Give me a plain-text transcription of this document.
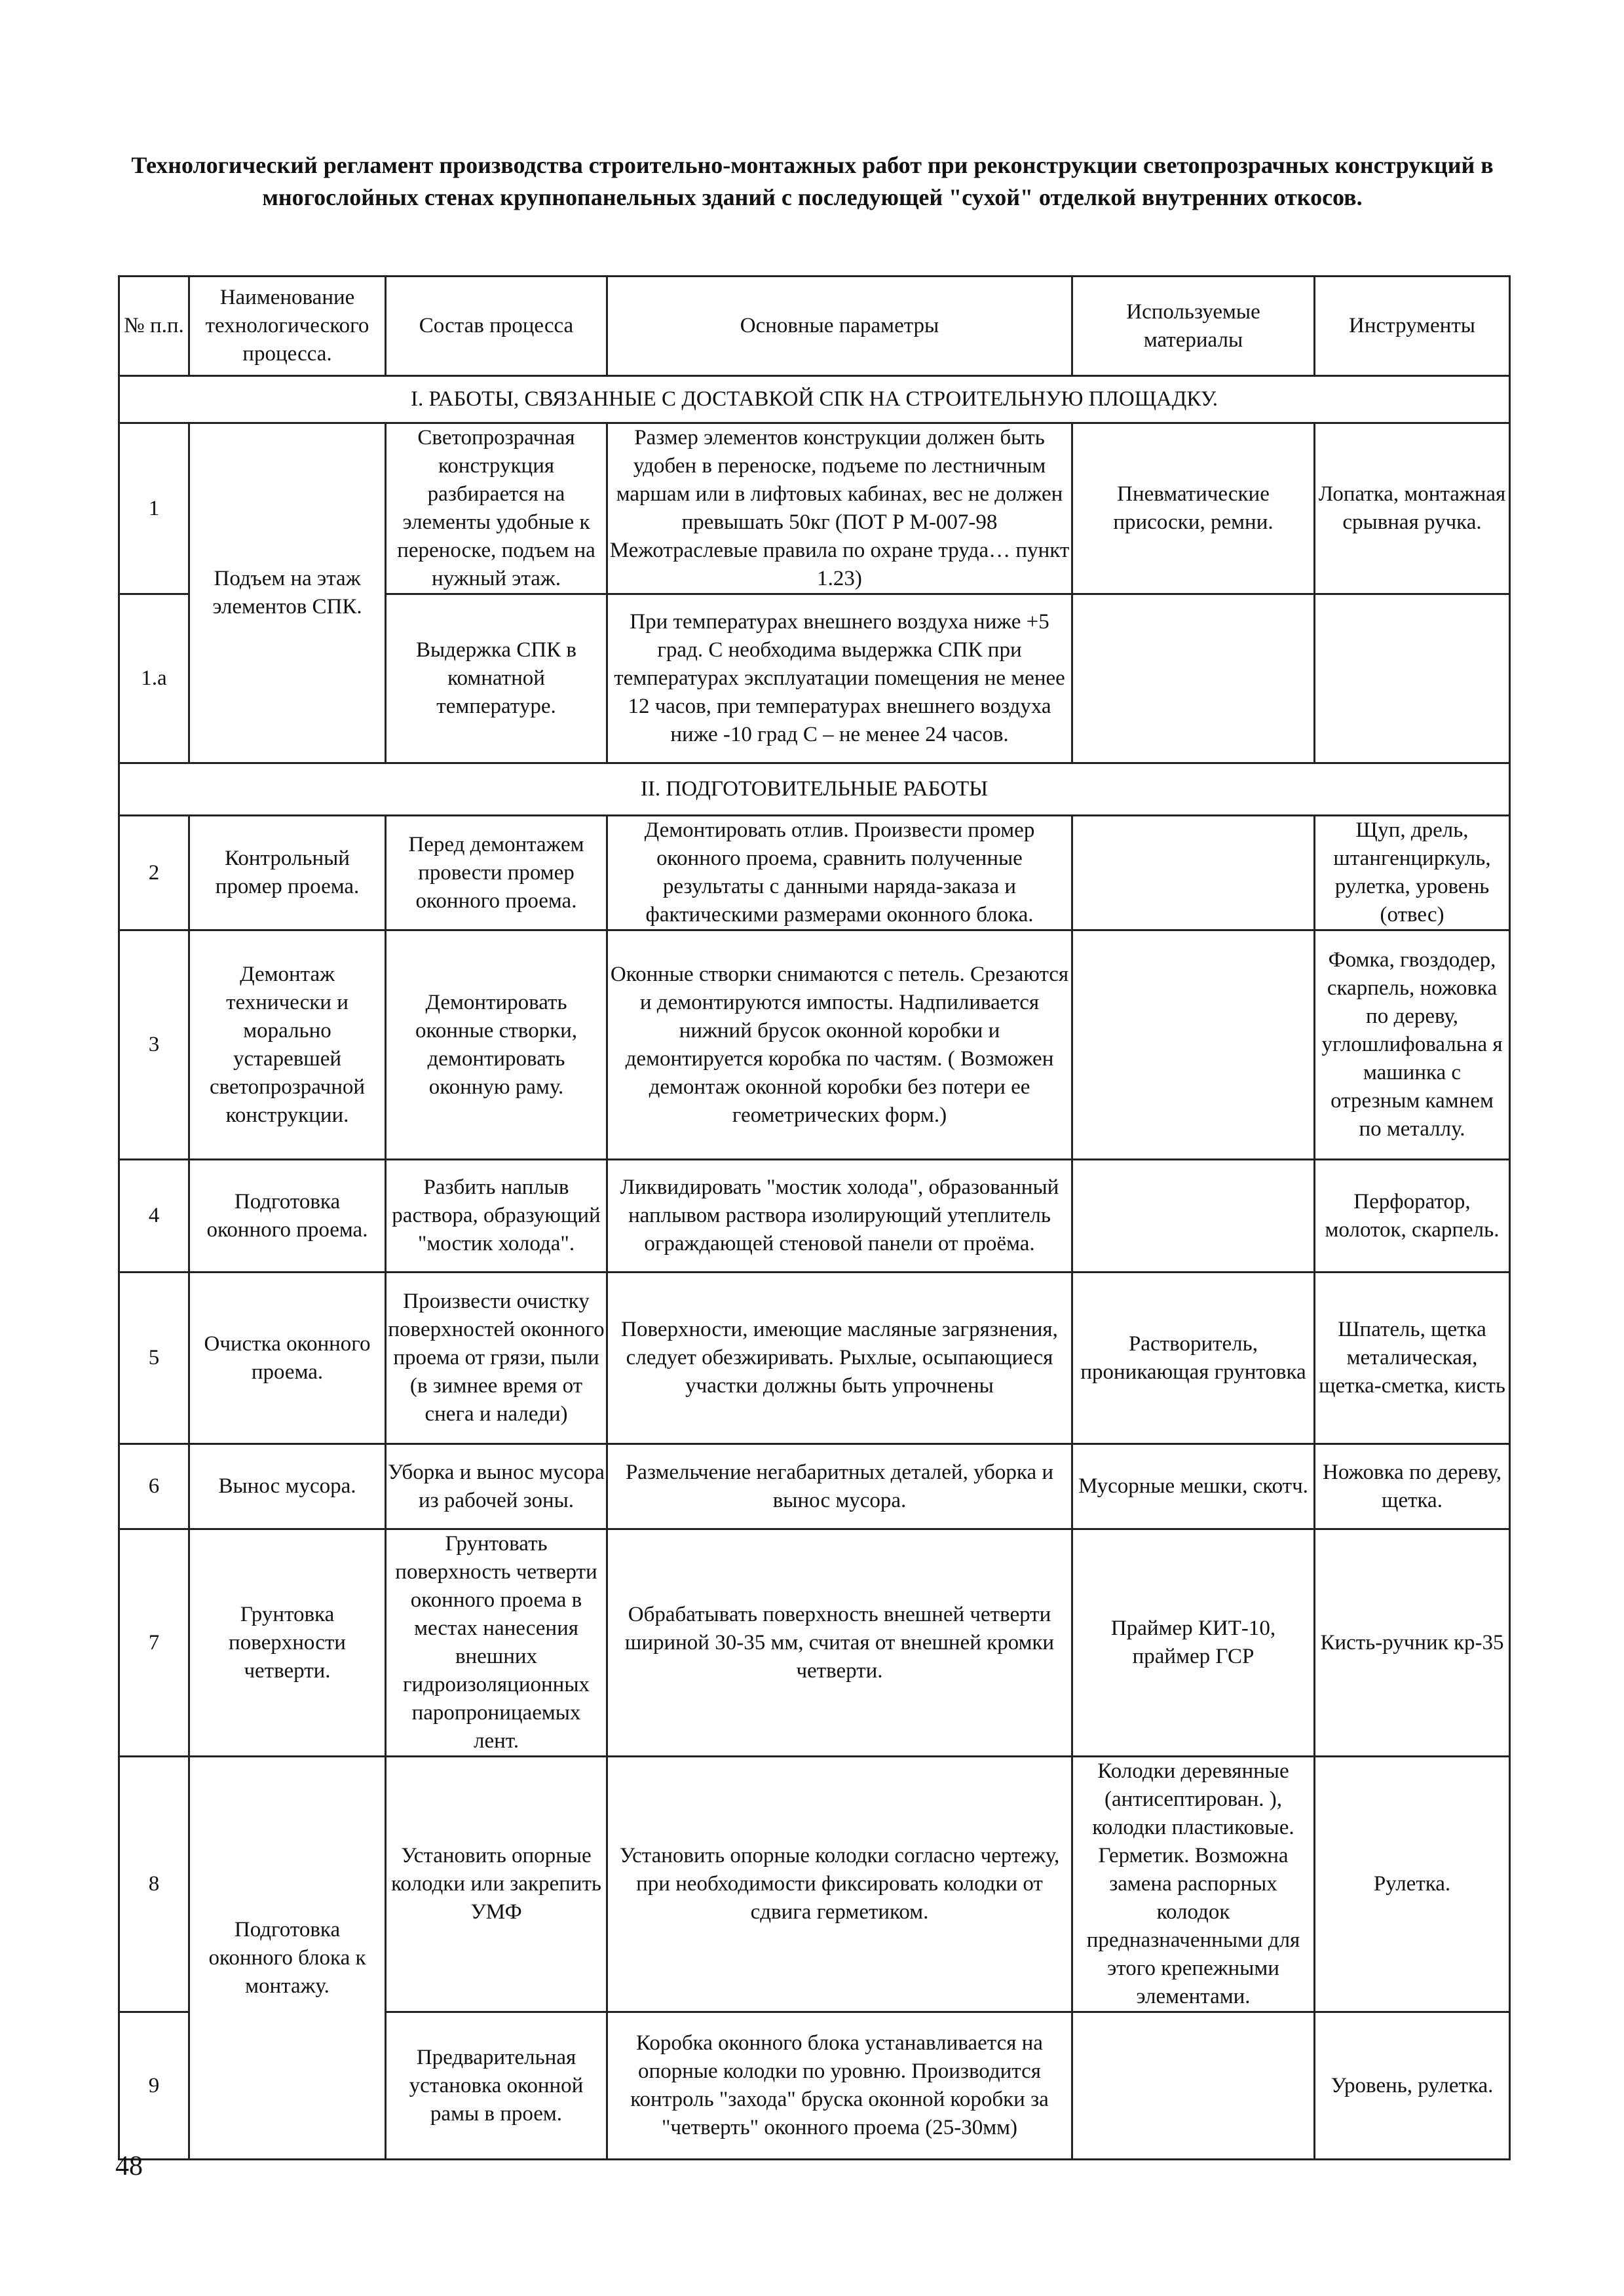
Технологический регламент производства строительно-монтажных работ при реконструкции светопрозрачных конструкций в многослойных стенах крупнопанельных зданий с последующей "сухой" отделкой внутренних откосов.
№ п.п.	Наименование технологического процесса.	Состав процесса	Основные параметры	Используемые материалы	Инструменты
I. РАБОТЫ, СВЯЗАННЫЕ С ДОСТАВКОЙ СПК НА СТРОИТЕЛЬНУЮ ПЛОЩАДКУ.					
1	Подъем на этаж элементов СПК.	Светопрозрачная конструкция разбирается на элементы удобные к переноске, подъем на нужный этаж.	Размер элементов конструкции должен быть удобен в переноске, подъеме по лестничным маршам или в лифтовых кабинах, вес не должен превышать 50кг (ПОТ Р М-007-98 Межотраслевые правила по охране труда… пункт 1.23)	Пневматические присоски, ремни.	Лопатка, монтажная срывная ручка.
1.а		Выдержка СПК в комнатной температуре.	При температурах внешнего воздуха ниже +5 град. С необходима выдержка СПК при температурах эксплуатации помещения не менее 12 часов, при температурах внешнего воздуха ниже -10 град С – не менее 24 часов.		
II. ПОДГОТОВИТЕЛЬНЫЕ РАБОТЫ					
2	Контрольный промер проема.	Перед демонтажем провести промер оконного проема.	Демонтировать отлив. Произвести промер оконного проема, сравнить полученные результаты с данными наряда-заказа и фактическими размерами оконного блока.		Щуп, дрель, штангенциркуль, рулетка, уровень (отвес)
3	Демонтаж технически и морально устаревшей светопрозрачной конструкции.	Демонтировать оконные створки, демонтировать оконную раму.	Оконные створки снимаются с петель. Срезаются и демонтируются импосты. Надпиливается нижний брусок оконной коробки и демонтируется коробка по частям. ( Возможен демонтаж оконной коробки без потери ее геометрических форм.)		Фомка, гвоздодер, скарпель, ножовка по дереву, углошлифовальна я машинка с отрезным камнем по металлу.
4	Подготовка оконного проема.	Разбить наплыв раствора, образующий "мостик холода".	Ликвидировать "мостик холода", образованный наплывом раствора изолирующий утеплитель ограждающей стеновой панели от проёма.		Перфоратор, молоток, скарпель.
5	Очистка оконного проема.	Произвести очистку поверхностей оконного проема от грязи, пыли (в зимнее время от снега и наледи)	Поверхности, имеющие масляные загрязнения, следует обезжиривать. Рыхлые, осыпающиеся участки должны быть упрочнены	Растворитель, проникающая грунтовка	Шпатель, щетка металическая, щетка-сметка, кисть
6	Вынос мусора.	Уборка и вынос мусора из рабочей зоны.	Размельчение негабаритных деталей, уборка и вынос мусора.	Мусорные мешки, скотч.	Ножовка по дереву, щетка.
7	Грунтовка поверхности четверти.	Грунтовать поверхность четверти оконного проема в местах нанесения внешних гидроизоляционных паропроницаемых лент.	Обрабатывать поверхность внешней четверти шириной 30-35 мм, считая от внешней кромки четверти.	Праймер КИТ-10, праймер ГСР	Кисть-ручник кр-35
8	Подготовка оконного блока к монтажу.	Установить опорные колодки или закрепить УМФ	Установить опорные колодки согласно чертежу, при необходимости фиксировать колодки от сдвига герметиком.	Колодки деревянные (антисептирован. ), колодки пластиковые. Герметик. Возможна замена распорных колодок предназначенными для этого крепежными элементами.	Рулетка.
9		Предварительная установка оконной рамы в проем.	Коробка оконного блока устанавливается на опорные колодки по уровню. Производится контроль "захода" бруска оконной коробки за "четверть" оконного проема (25-30мм)		Уровень, рулетка.
48
